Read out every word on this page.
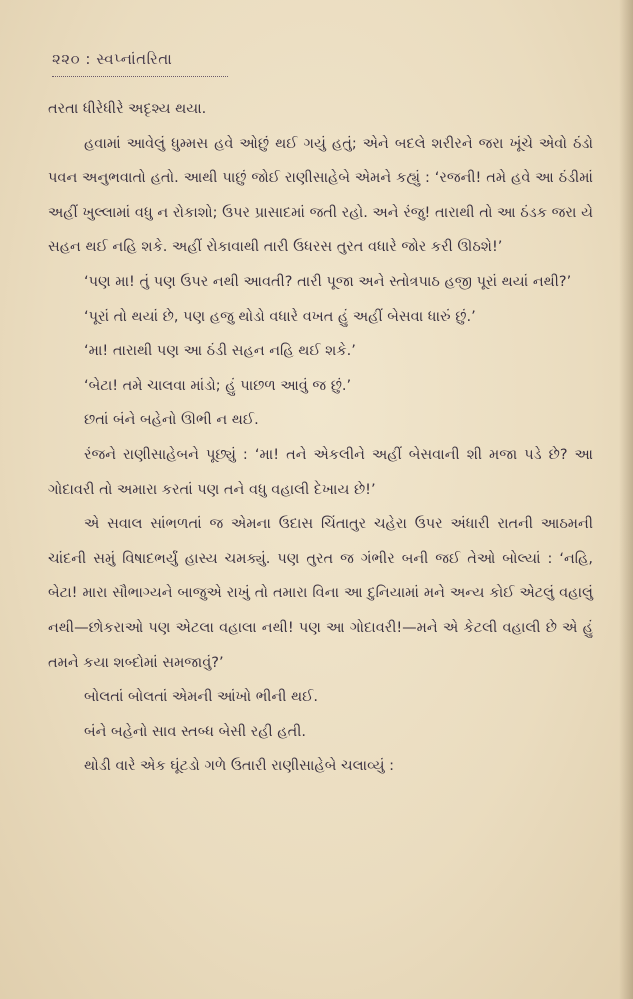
૨૨૦ : સ્વપ્નાંતરિતા

તરતા ધીરેધીરે અદૃશ્ય થયા.

હવામાં આવેલું ધુમ્મસ હવે ઓછું થઈ ગયું હતું; એને બદલે શરીરને જરા ખૂંચે એવો ઠંડો પવન અનુભવાતો હતો. આથી પાછું જોઈ રાણીસાહેબે એમને કહ્યું : ‘રજની! તમે હવે આ ઠંડીમાં અહીં ખુલ્લામાં વધુ ન રોકાશો; ઉપર પ્રાસાદમાં જતી રહો. અને રંજુ! તારાથી તો આ ઠંડક જરા યે સહન થઈ નહિ શકે. અહીં રોકાવાથી તારી ઉધરસ તુરત વધારે જોર કરી ઊઠશે!’

‘પણ મા! તું પણ ઉપર નથી આવતી? તારી પૂજા અને સ્તોત્રપાઠ હજી પૂરાં થયાં નથી?’

‘પૂરાં તો થયાં છે, પણ હજુ થોડો વધારે વખત હું અહીં બેસવા ધારું છું.’

‘મા! તારાથી પણ આ ઠંડી સહન નહિ થઈ શકે.’

‘બેટા! તમે ચાલવા માંડો; હું પાછળ આવું જ છું.’

છતાં બંને બહેનો ઊભી ન થઈ.

રંજને રાણીસાહેબને પૂછ્યું : ‘મા! તને એકલીને અહીં બેસવાની શી મજા પડે છે? આ ગોદાવરી તો અમારા કરતાં પણ તને વધુ વહાલી દેખાય છે!’

એ સવાલ સાંભળતાં જ એમના ઉદાસ ચિંતાતુર ચહેરા ઉપર અંધારી રાતની આઠમની ચાંદની સમું વિષાદભર્યું હાસ્ય ચમક્યું. પણ તુરત જ ગંભીર બની જઈ તેઓ બોલ્યાં : ‘નહિ, બેટા! મારા સૌભાગ્યને બાજુએ રાખું તો તમારા વિના આ દુનિયામાં મને અન્ય કોઈ એટલું વહાલું નથી—છોકરાઓ પણ એટલા વહાલા નથી! પણ આ ગોદાવરી!—મને એ કેટલી વહાલી છે એ હું તમને કયા શબ્દોમાં સમજાવું?’

બોલતાં બોલતાં એમની આંખો ભીની થઈ.

બંને બહેનો સાવ સ્તબ્ધ બેસી રહી હતી.

થોડી વારે એક ઘૂંટડો ગળે ઉતારી રાણીસાહેબે ચલાવ્યું :
